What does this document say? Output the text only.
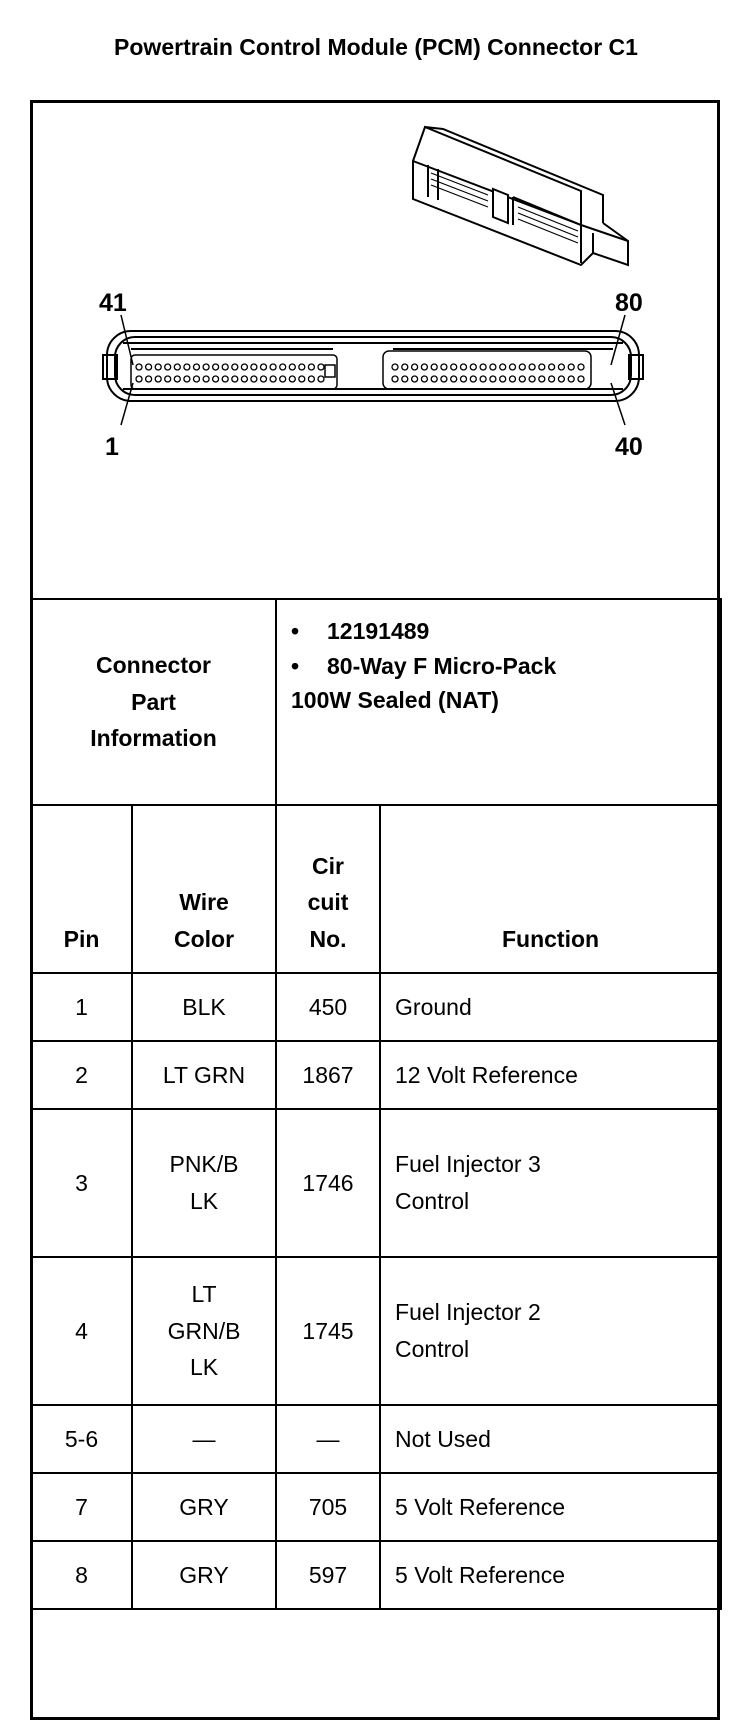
Powertrain Control Module (PCM) Connector C1
41	80
1	40
Connector Part Information		• 12191489
• 80-Way F Micro-Pack
100W Sealed (NAT)	

Pin	Wire Color	Cir cuit No.	Function
1	BLK	450	Ground
2	LT GRN	1867	12 Volt Reference
3	PNK/B LK	1746	Fuel Injector 3 Control
4	LT GRN/B LK	1745	Fuel Injector 2 Control
5-6	—	—	Not Used
7	GRY	705	5 Volt Reference
8	GRY	597	5 Volt Reference
